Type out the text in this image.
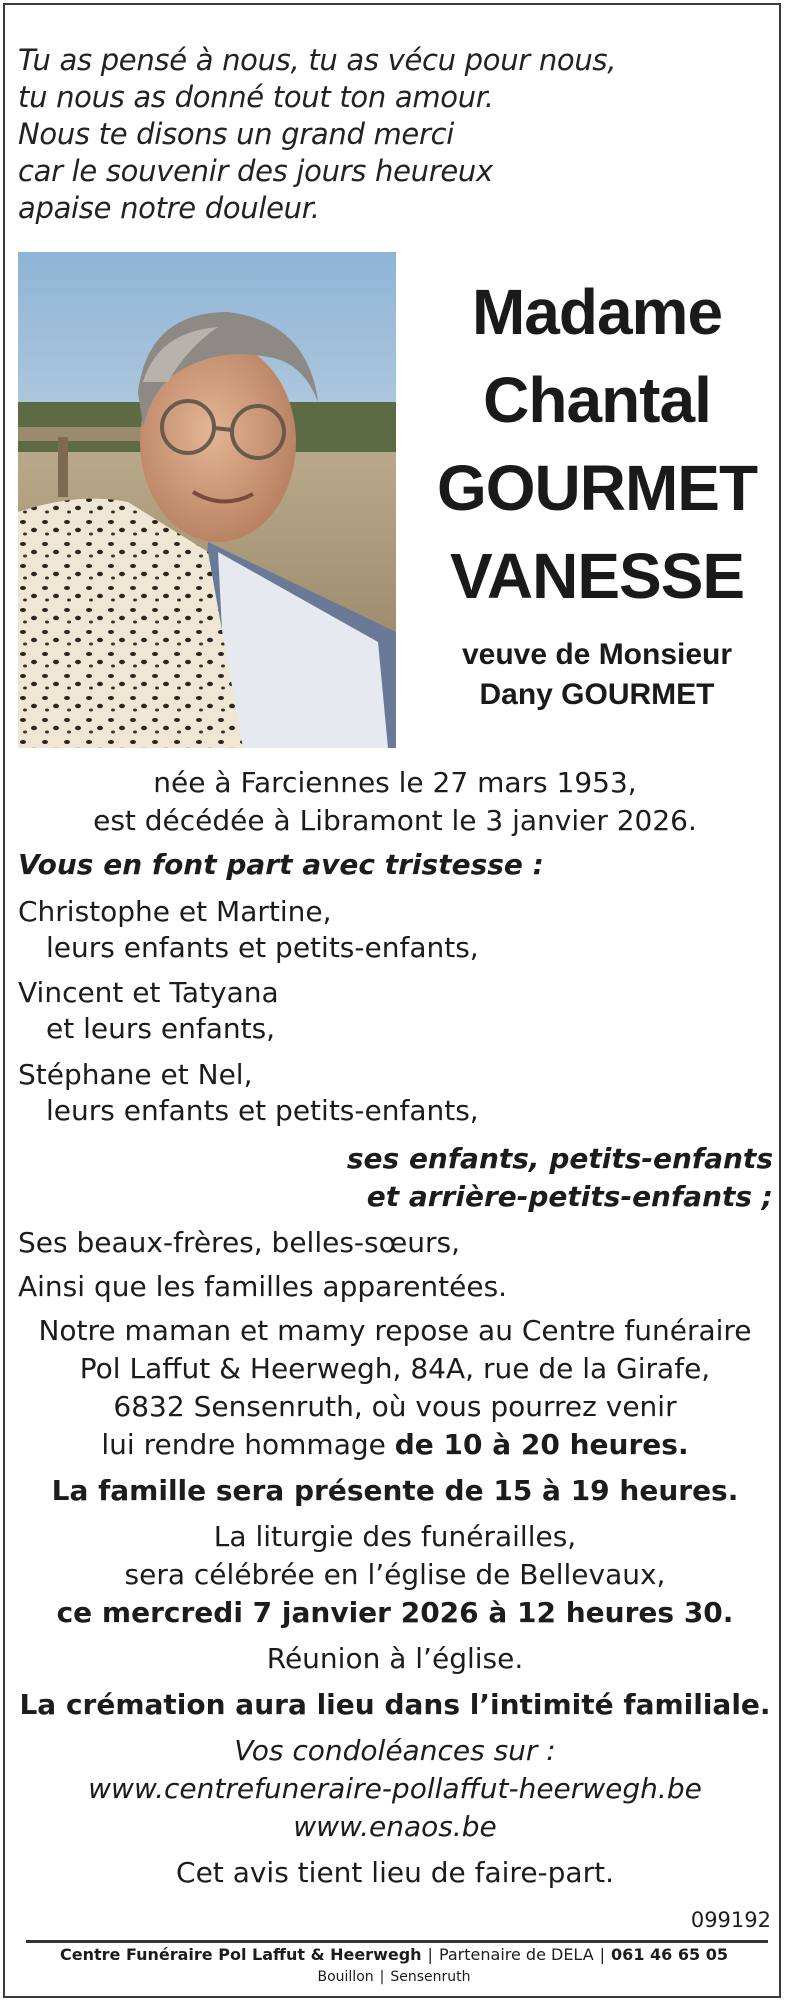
Tu as pensé à nous, tu as vécu pour nous,
tu nous as donné tout ton amour.
Nous te disons un grand merci
car le souvenir des jours heureux
apaise notre douleur.
Madame
Chantal
GOURMET
VANESSE
veuve de Monsieur
Dany GOURMET
née à Farciennes le 27 mars 1953,
est décédée à Libramont le 3 janvier 2026.
Vous en font part avec tristesse :
Christophe et Martine,
leurs enfants et petits-enfants,
Vincent et Tatyana
et leurs enfants,
Stéphane et Nel,
leurs enfants et petits-enfants,
ses enfants, petits-enfants
et arrière-petits-enfants ;
Ses beaux-frères, belles-sœurs,
Ainsi que les familles apparentées.
Notre maman et mamy repose au Centre funéraire
Pol Laffut & Heerwegh, 84A, rue de la Girafe,
6832 Sensenruth, où vous pourrez venir
lui rendre hommage de 10 à 20 heures.
La famille sera présente de 15 à 19 heures.
La liturgie des funérailles,
sera célébrée en l’église de Bellevaux,
ce mercredi 7 janvier 2026 à 12 heures 30.
Réunion à l’église.
La crémation aura lieu dans l’intimité familiale.
Vos condoléances sur :
www.centrefuneraire-pollaffut-heerwegh.be
www.enaos.be
Cet avis tient lieu de faire-part.
099192
Centre Funéraire Pol Laffut & Heerwegh | Partenaire de DELA | 061 46 65 05
Bouillon | Sensenruth
